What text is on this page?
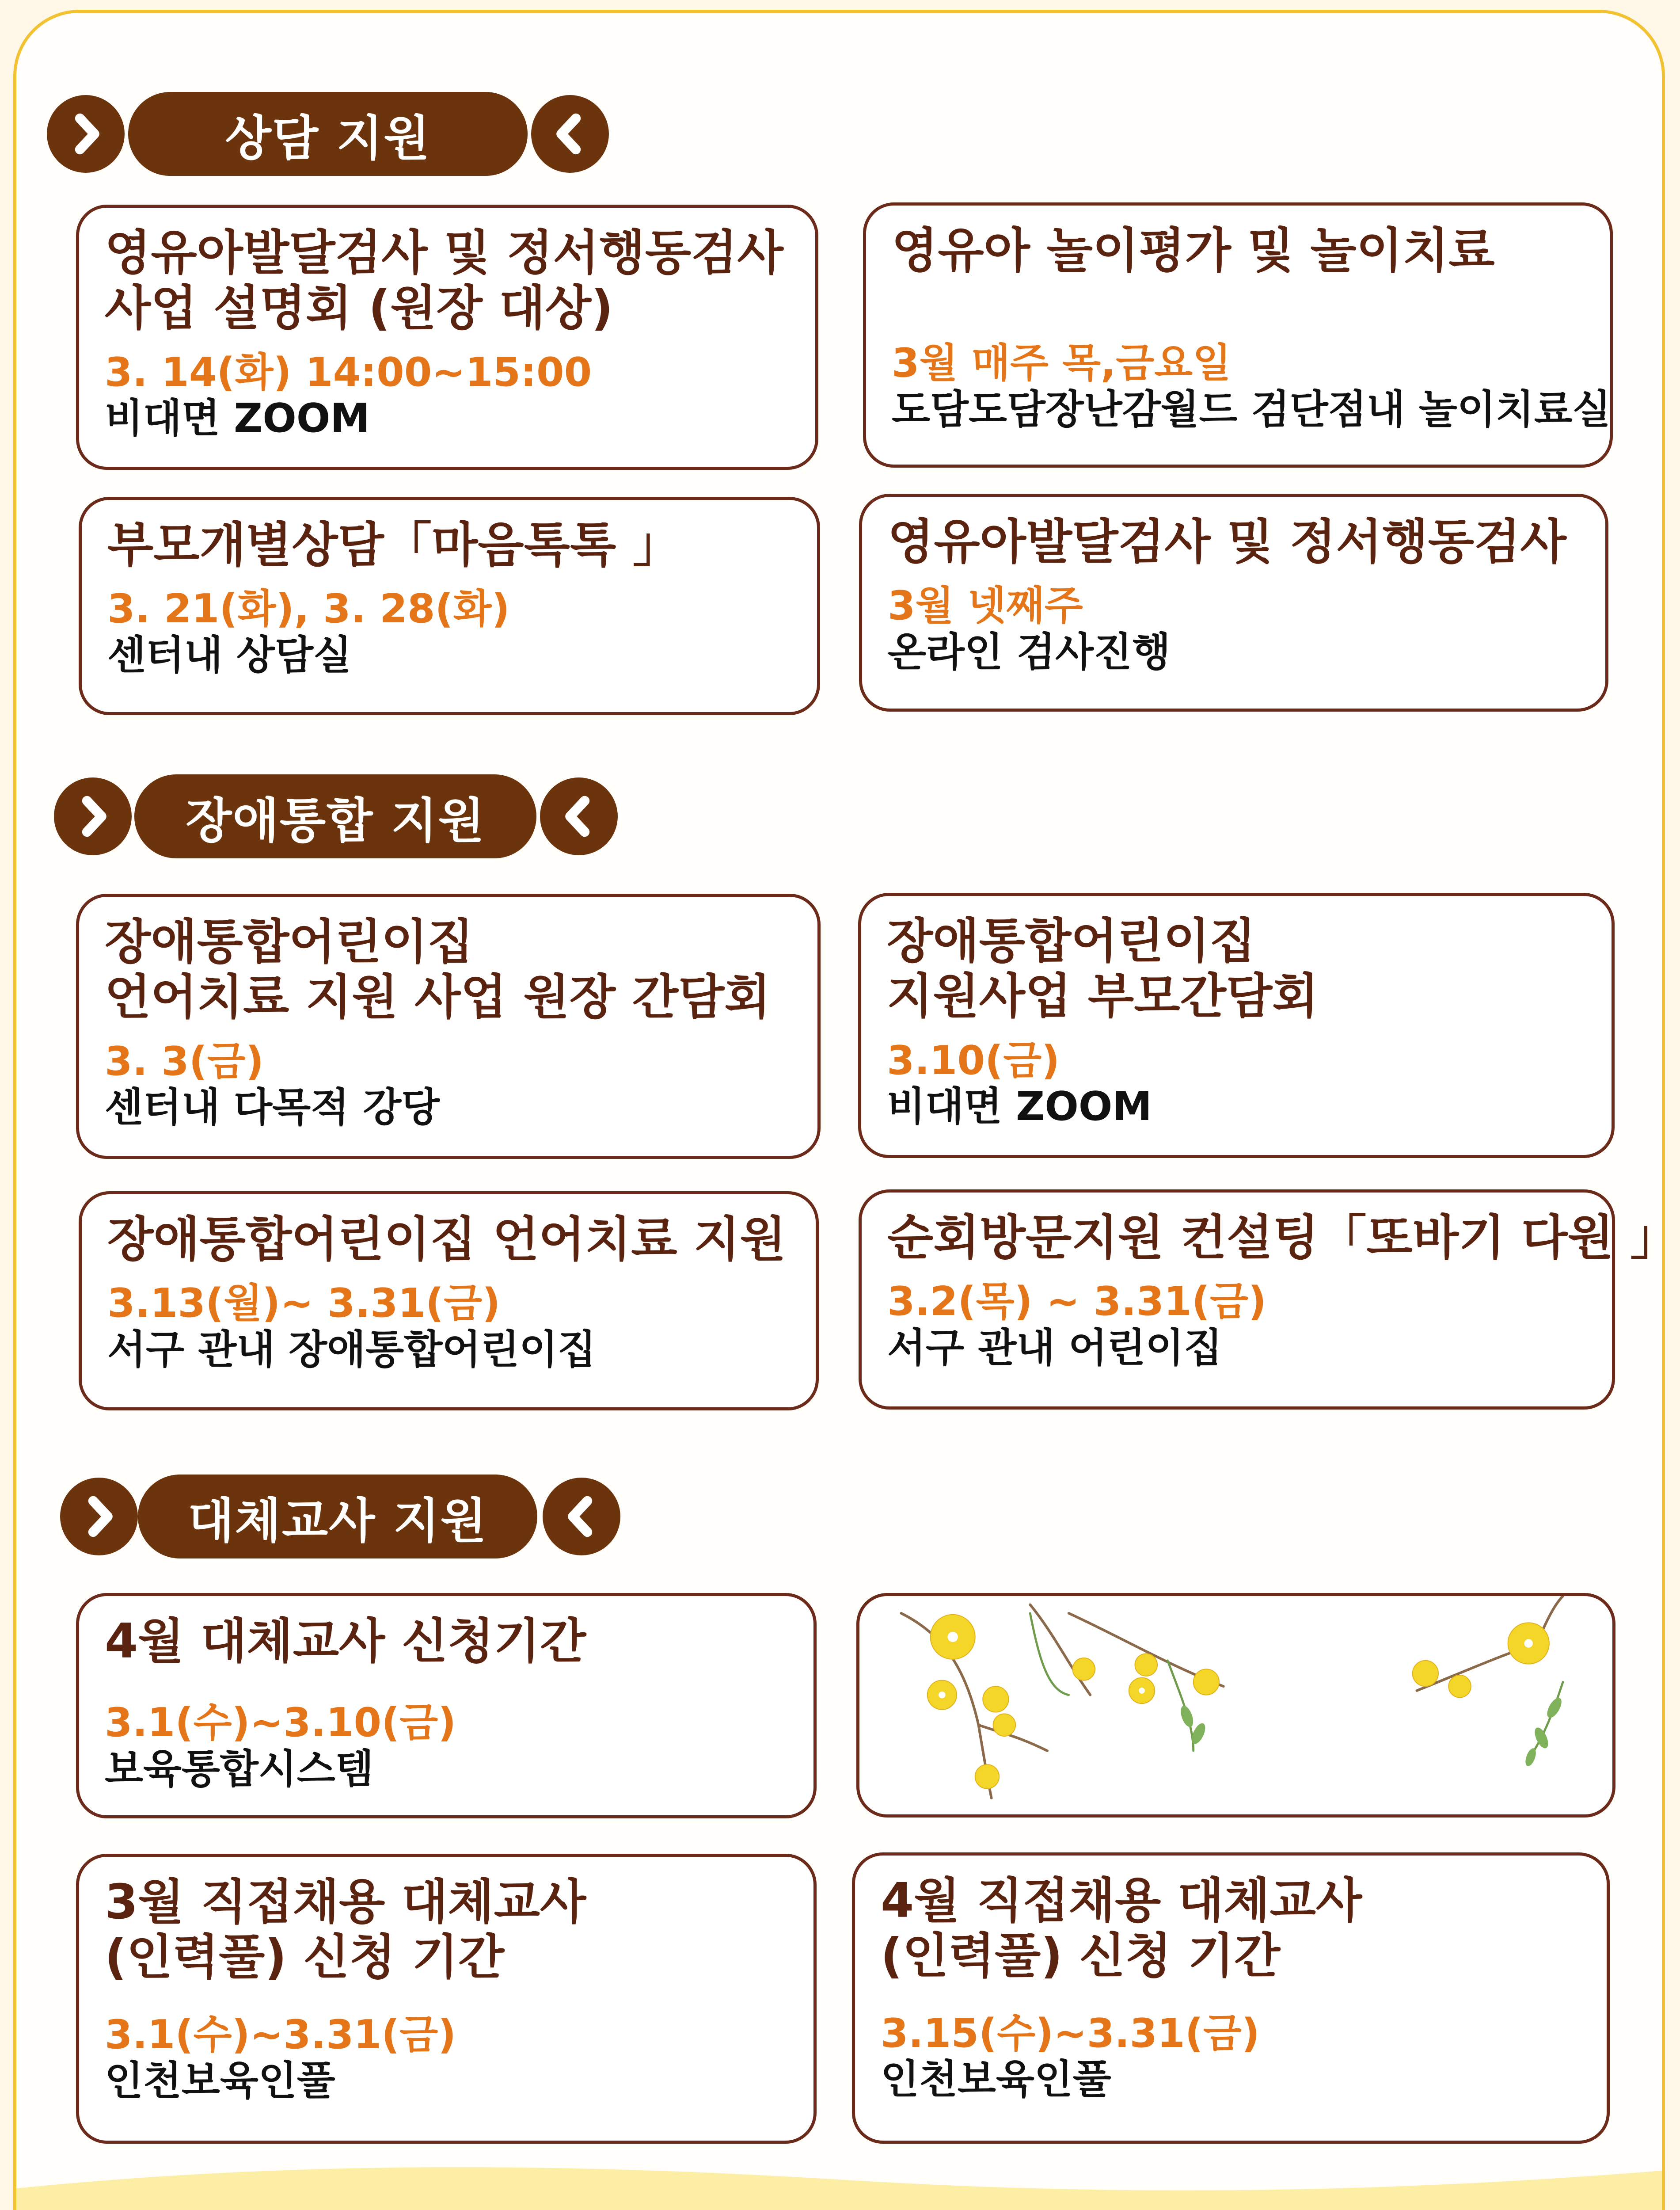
상담 지원
영유아발달검사 및 정서행동검사
사업 설명회 (원장 대상)
3. 14(화) 14:00~15:00
비대면 ZOOM
영유아 놀이평가 및 놀이치료
3월 매주 목,금요일
도담도담장난감월드 검단점내 놀이치료실
부모개별상담「마음톡톡 」
3. 21(화), 3. 28(화)
센터내 상담실
영유아발달검사 및 정서행동검사
3월 넷째주
온라인 검사진행
장애통합 지원
장애통합어린이집
언어치료 지원 사업 원장 간담회
3. 3(금)
센터내 다목적 강당
장애통합어린이집
지원사업 부모간담회
3.10(금)
비대면 ZOOM
장애통합어린이집 언어치료 지원
3.13(월)~ 3.31(금)
서구 관내 장애통합어린이집
순회방문지원 컨설팅「또바기 다원 」
3.2(목) ~ 3.31(금)
서구 관내 어린이집
대체교사 지원
4월 대체교사 신청기간
3.1(수)~3.10(금)
보육통합시스템
3월 직접채용 대체교사
(인력풀) 신청 기간
3.1(수)~3.31(금)
인천보육인풀
4월 직접채용 대체교사
(인력풀) 신청 기간
3.15(수)~3.31(금)
인천보육인풀
